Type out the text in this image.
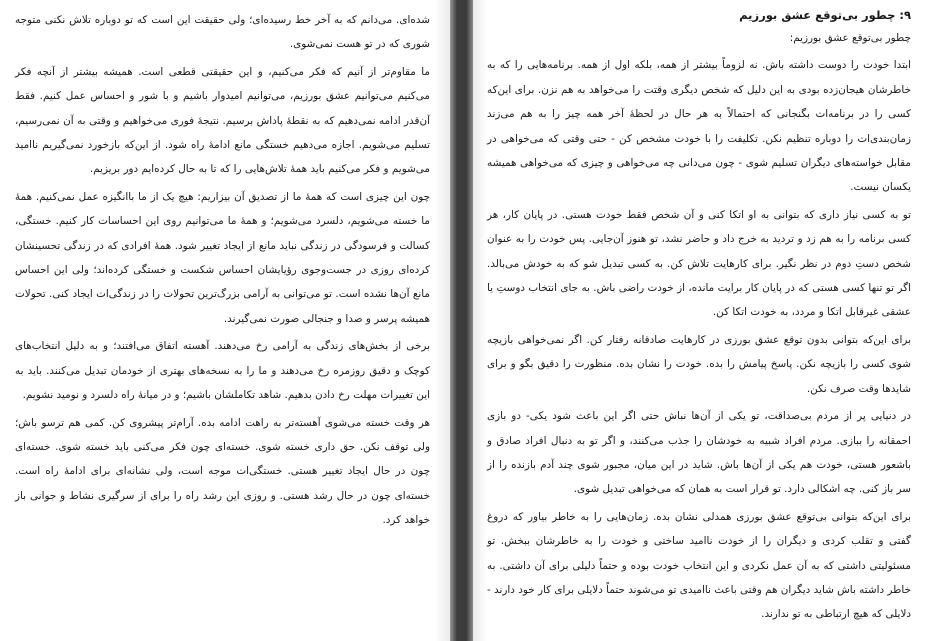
شده‌ای. می‌دانم که به آخر خط رسیده‌ای؛ ولی حقیقت این است که تو دوباره تلاش نکنی متوجه شوری که در تو هست نمی‌شوی.

ما مقاوم‌تر از آنیم که فکر می‌کنیم، و این حقیقتی قطعی است. همیشه بیشتر از آنچه فکر می‌کنیم می‌توانیم عشق بورزیم، می‌توانیم امیدوار باشیم و با شور و احساس عمل کنیم. فقط آن‌قدر ادامه نمی‌دهیم که به نقطهٔ پاداش برسیم. نتیجهٔ فوری می‌خواهیم و وقتی به آن نمی‌رسیم، تسلیم می‌شویم. اجازه می‌دهیم خستگی مانع ادامهٔ راه شود. از این‌که بازخورد نمی‌گیریم ناامید می‌شویم و فکر می‌کنیم باید همهٔ تلاش‌هایی را که تا به حال کرده‌ایم دور بریزیم.

چون این چیزی است که همهٔ ما از تصدیق آن بیزاریم: هیچ یک از ما باانگیزه عمل نمی‌کنیم. همهٔ ما خسته می‌شویم، دلسرد می‌شویم؛ و همهٔ ما می‌توانیم روی این احساسات کار کنیم. خستگی، کسالت و فرسودگی در زندگی نباید مانع از ایجاد تغییر شود. همهٔ افرادی که در زندگی تحسینشان کرده‌ای روزی در جست‌وجوی رؤیایشان احساس شکست و خستگی کرده‌اند؛ ولی این احساس مانع آن‌ها نشده است. تو می‌توانی به آرامی بزرگ‌ترین تحولات را در زندگی‌ات ایجاد کنی. تحولات همیشه پرسر و صدا و جنجالی صورت نمی‌گیرند.

برخی از بخش‌های زندگی به آرامی رخ می‌دهند. آهسته اتفاق می‌افتند؛ و به دلیل انتخاب‌های کوچک و دقیق روزمره رخ می‌دهند و ما را به نسخه‌های بهتری از خودمان تبدیل می‌کنند. باید به این تغییرات مهلت رخ دادن بدهیم. شاهد تکاملشان باشیم؛ و در میانهٔ راه دلسرد و نومید نشویم.

هر وقت خسته می‌شوی آهسته‌تر به راهت ادامه بده. آرام‌تر پیشروی کن. کمی هم ترسو باش؛ ولی توقف نکن. حق داری خسته شوی. خسته‌ای چون فکر می‌کنی باید خسته شوی. خسته‌ای چون در حال ایجاد تغییر هستی. خستگی‌ات موجه است، ولی نشانه‌ای برای ادامهٔ راه است. خسته‌ای چون در حال رشد هستی. و روزی این رشد راه را برای از سرگیری نشاط و جوانی باز خواهد کرد.

۹: چطور بی‌توقع عشق بورزیم

چطور بی‌توقع عشق بورزیم:

ابتدا خودت را دوست داشته باش. نه لزوماً بیشتر از همه، بلکه اول از همه. برنامه‌هایی را که به خاطرشان هیجان‌زده بودی به این دلیل که شخص دیگری وقتت را می‌خواهد به هم نزن. برای این‌که کسی را در برنامه‌ات بگنجانی که احتمالاً به هر حال در لحظهٔ آخر همه چیز را به هم می‌زند زمان‌بندی‌ات را دوباره تنظیم نکن. تکلیفت را با خودت مشخص کن - حتی وقتی که می‌خواهی در مقابل خواسته‌های دیگران تسلیم شوی - چون می‌دانی چه می‌خواهی و چیزی که می‌خواهی همیشه یکسان نیست.

تو به کسی نیاز داری که بتوانی به او اتکا کنی و آن شخص فقط خودت هستی. در پایان کار، هر کسی برنامه را به هم زد و تردید به خرج داد و حاضر نشد، تو هنوز آن‌جایی. پس خودت را به عنوان شخص دستِ دوم در نظر نگیر. برای کارهایت تلاش کن. به کسی تبدیل شو که به خودش می‌بالد. اگر تو تنها کسی هستی که در پایان کار برایت مانده، از خودت راضی باش. به جای انتخاب دوستِ یا عشقی غیرقابل اتکا و مردد، به خودت اتکا کن.

برای این‌که بتوانی بدون توقع عشق بورزی در کارهایت صادقانه رفتار کن. اگر نمی‌خواهی بازیچه شوی کسی را بازیچه نکن. پاسخ پیامش را بده. خودت را نشان بده. منظورت را دقیق بگو و برای شایدها وقت صرف نکن.

در دنیایی پر از مردم بی‌صداقت، تو یکی از آن‌ها نباش حتی اگر این باعث شود یکی- دو بازی احمقانه را ببازی. مردم افراد شبیه به خودشان را جذب می‌کنند، و اگر تو به دنبال افراد صادق و باشعور هستی، خودت هم یکی از آن‌ها باش. شاید در این میان، مجبور شوی چند آدم بازنده را از سر باز کنی. چه اشکالی دارد. تو قرار است به همان که می‌خواهی تبدیل شوی.

برای این‌که بتوانی بی‌توقع عشق بورزی همدلی نشان بده. زمان‌هایی را به خاطر بیاور که دروغ گفتی و تقلب کردی و دیگران را از خودت ناامید ساختی و خودت را به خاطرشان ببخش. تو مسئولیتی داشتی که به آن عمل نکردی و این انتخاب خودت بوده و حتماً دلیلی برای آن داشتی. به خاطر داشته باش شاید دیگران هم وقتی باعث ناامیدی تو می‌شوند حتماً دلایلی برای کار خود دارند - دلایلی که هیچ ارتباطی به تو ندارند.
